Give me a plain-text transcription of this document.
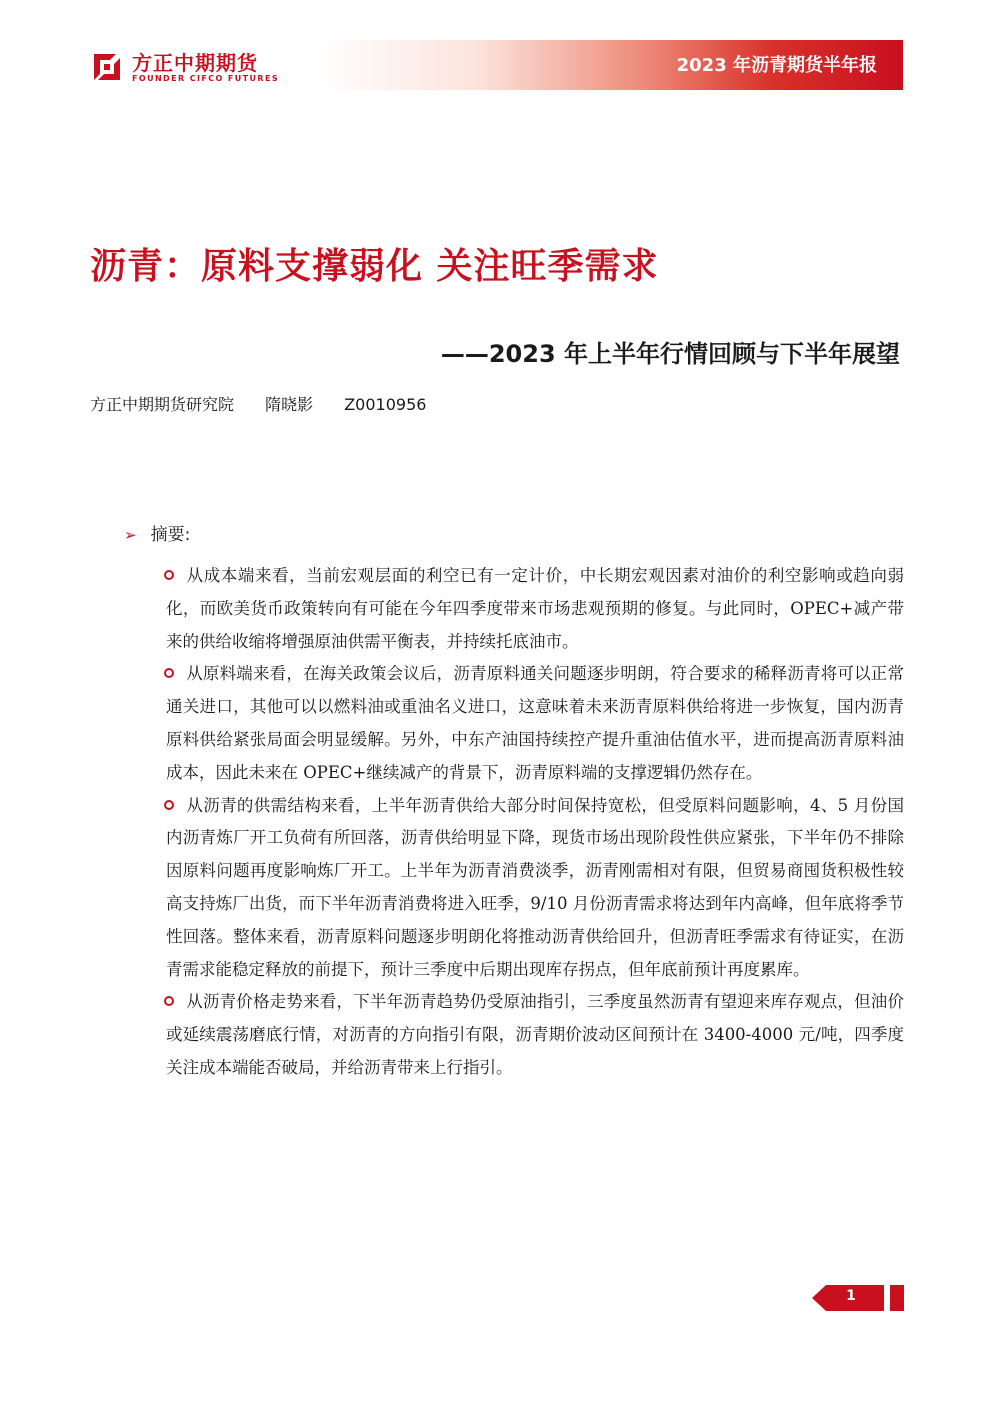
方正中期期货
FOUNDER CIFCO FUTURES
2023 年沥青期货半年报
沥青：原料支撑弱化 关注旺季需求
——2023 年上半年行情回顾与下半年展望
方正中期期货研究院 隋晓影 Z0010956
➢ 摘要:

从成本端来看，当前宏观层面的利空已有一定计价，中长期宏观因素对油价的利空影响或趋向弱化，而欧美货币政策转向有可能在今年四季度带来市场悲观预期的修复。与此同时，OPEC+减产带来的供给收缩将增强原油供需平衡表，并持续托底油市。

从原料端来看，在海关政策会议后，沥青原料通关问题逐步明朗，符合要求的稀释沥青将可以正常通关进口，其他可以以燃料油或重油名义进口，这意味着未来沥青原料供给将进一步恢复，国内沥青原料供给紧张局面会明显缓解。另外，中东产油国持续控产提升重油估值水平，进而提高沥青原料油成本，因此未来在 OPEC+继续减产的背景下，沥青原料端的支撑逻辑仍然存在。

从沥青的供需结构来看，上半年沥青供给大部分时间保持宽松，但受原料问题影响，4、5 月份国内沥青炼厂开工负荷有所回落，沥青供给明显下降，现货市场出现阶段性供应紧张，下半年仍不排除因原料问题再度影响炼厂开工。上半年为沥青消费淡季，沥青刚需相对有限，但贸易商囤货积极性较高支持炼厂出货，而下半年沥青消费将进入旺季，9/10 月份沥青需求将达到年内高峰，但年底将季节性回落。整体来看，沥青原料问题逐步明朗化将推动沥青供给回升，但沥青旺季需求有待证实，在沥青需求能稳定释放的前提下，预计三季度中后期出现库存拐点，但年底前预计再度累库。

从沥青价格走势来看，下半年沥青趋势仍受原油指引，三季度虽然沥青有望迎来库存观点，但油价或延续震荡磨底行情，对沥青的方向指引有限，沥青期价波动区间预计在 3400-4000 元/吨，四季度关注成本端能否破局，并给沥青带来上行指引。

1
